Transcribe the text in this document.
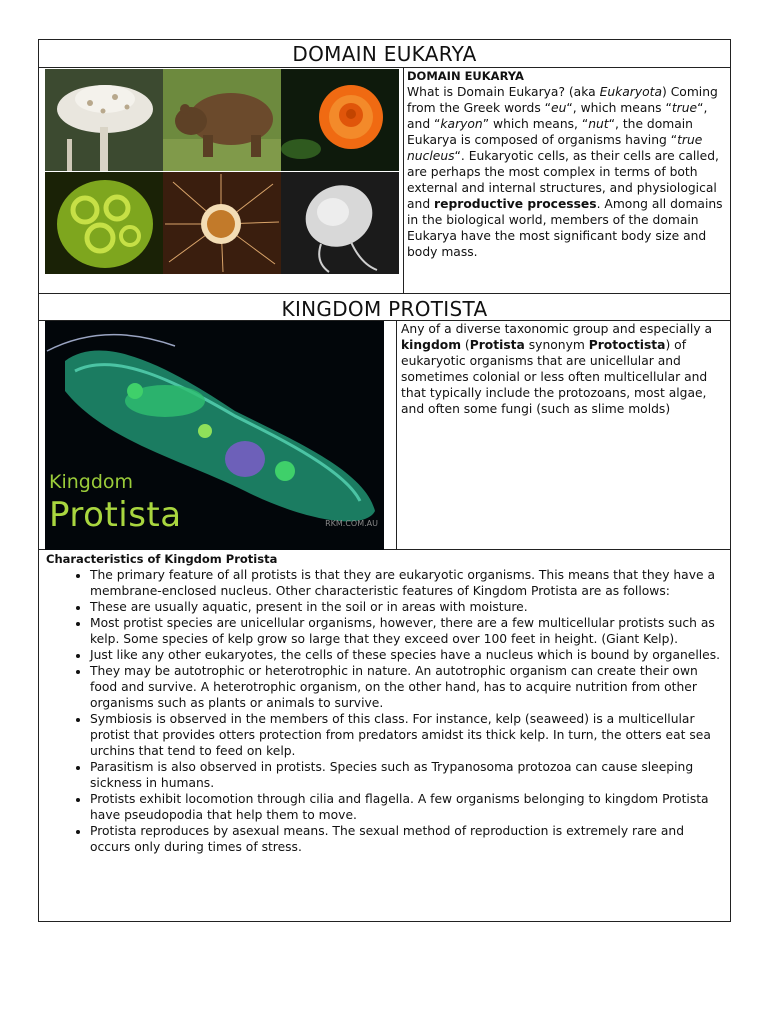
DOMAIN EUKARYA
DOMAIN EUKARYA
What is Domain Eukarya? (aka Eukaryota) Coming from the Greek words “eu“, which means “true“, and “karyon” which means, “nut“, the domain Eukarya is composed of organisms having “true nucleus“. Eukaryotic cells, as their cells are called, are perhaps the most complex in terms of both external and internal structures, and physiological and reproductive processes. Among all domains in the biological world, members of the domain Eukarya have the most significant body size and body mass.
KINGDOM PROTISTA
Kingdom
Protista	RKM.COM.AU
Any of a diverse taxonomic group and especially a kingdom (Protista synonym Protoctista) of eukaryotic organisms that are unicellular and sometimes colonial or less often multicellular and that typically include the protozoans, most algae, and often some fungi (such as slime molds)
Characteristics of Kingdom Protista
• The primary feature of all protists is that they are eukaryotic organisms. This means that they have a membrane-enclosed nucleus. Other characteristic features of Kingdom Protista are as follows:
• These are usually aquatic, present in the soil or in areas with moisture.
• Most protist species are unicellular organisms, however, there are a few multicellular protists such as kelp. Some species of kelp grow so large that they exceed over 100 feet in height. (Giant Kelp).
• Just like any other eukaryotes, the cells of these species have a nucleus which is bound by organelles.
• They may be autotrophic or heterotrophic in nature. An autotrophic organism can create their own food and survive. A heterotrophic organism, on the other hand, has to acquire nutrition from other organisms such as plants or animals to survive.
• Symbiosis is observed in the members of this class. For instance, kelp (seaweed) is a multicellular protist that provides otters protection from predators amidst its thick kelp. In turn, the otters eat sea urchins that tend to feed on kelp.
• Parasitism is also observed in protists. Species such as Trypanosoma protozoa can cause sleeping sickness in humans.
• Protists exhibit locomotion through cilia and flagella. A few organisms belonging to kingdom Protista have pseudopodia that help them to move.
• Protista reproduces by asexual means. The sexual method of reproduction is extremely rare and occurs only during times of stress.
